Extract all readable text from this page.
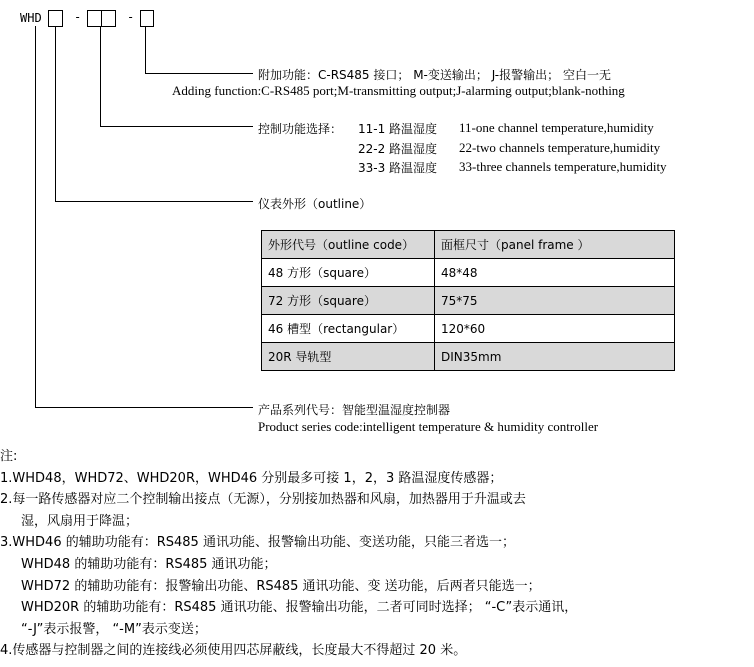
WHD	-	-
附加功能：C-RS485 接口； M-变送输出； J-报警输出； 空白一无
Adding function:C-RS485 port;M-transmitting output;J-alarming output;blank-nothing
控制功能选择： 11-1 路温湿度 11-one channel temperature,humidity
22-2 路温湿度 22-two channels temperature,humidity
33-3 路温湿度 33-three channels temperature,humidity
仪表外形（outline）
外形代号（outline code）	面框尺寸（panel frame ）
48 方形（square）	48*48
72 方形（square）	75*75
46 槽型（rectangular）	120*60
20R 导轨型	DIN35mm
产品系列代号：智能型温湿度控制器
Product series code:intelligent temperature & humidity controller
注:
1.WHD48，WHD72、WHD20R，WHD46 分别最多可接 1，2，3 路温湿度传感器；
2.每一路传感器对应二个控制输出接点（无源），分别接加热器和风扇，加热器用于升温或去
湿，风扇用于降温；
3.WHD46 的辅助功能有：RS485 通讯功能、报警输出功能、变送功能，只能三者选一；
WHD48 的辅助功能有：RS485 通讯功能；
WHD72 的辅助功能有：报警输出功能、RS485 通讯功能、变 送功能，后两者只能选一；
WHD20R 的辅助功能有：RS485 通讯功能、报警输出功能，二者可同时选择； “-C”表示通讯，
“-J”表示报警， “-M”表示变送；
4.传感器与控制器之间的连接线必须使用四芯屏蔽线，长度最大不得超过 20 米。
